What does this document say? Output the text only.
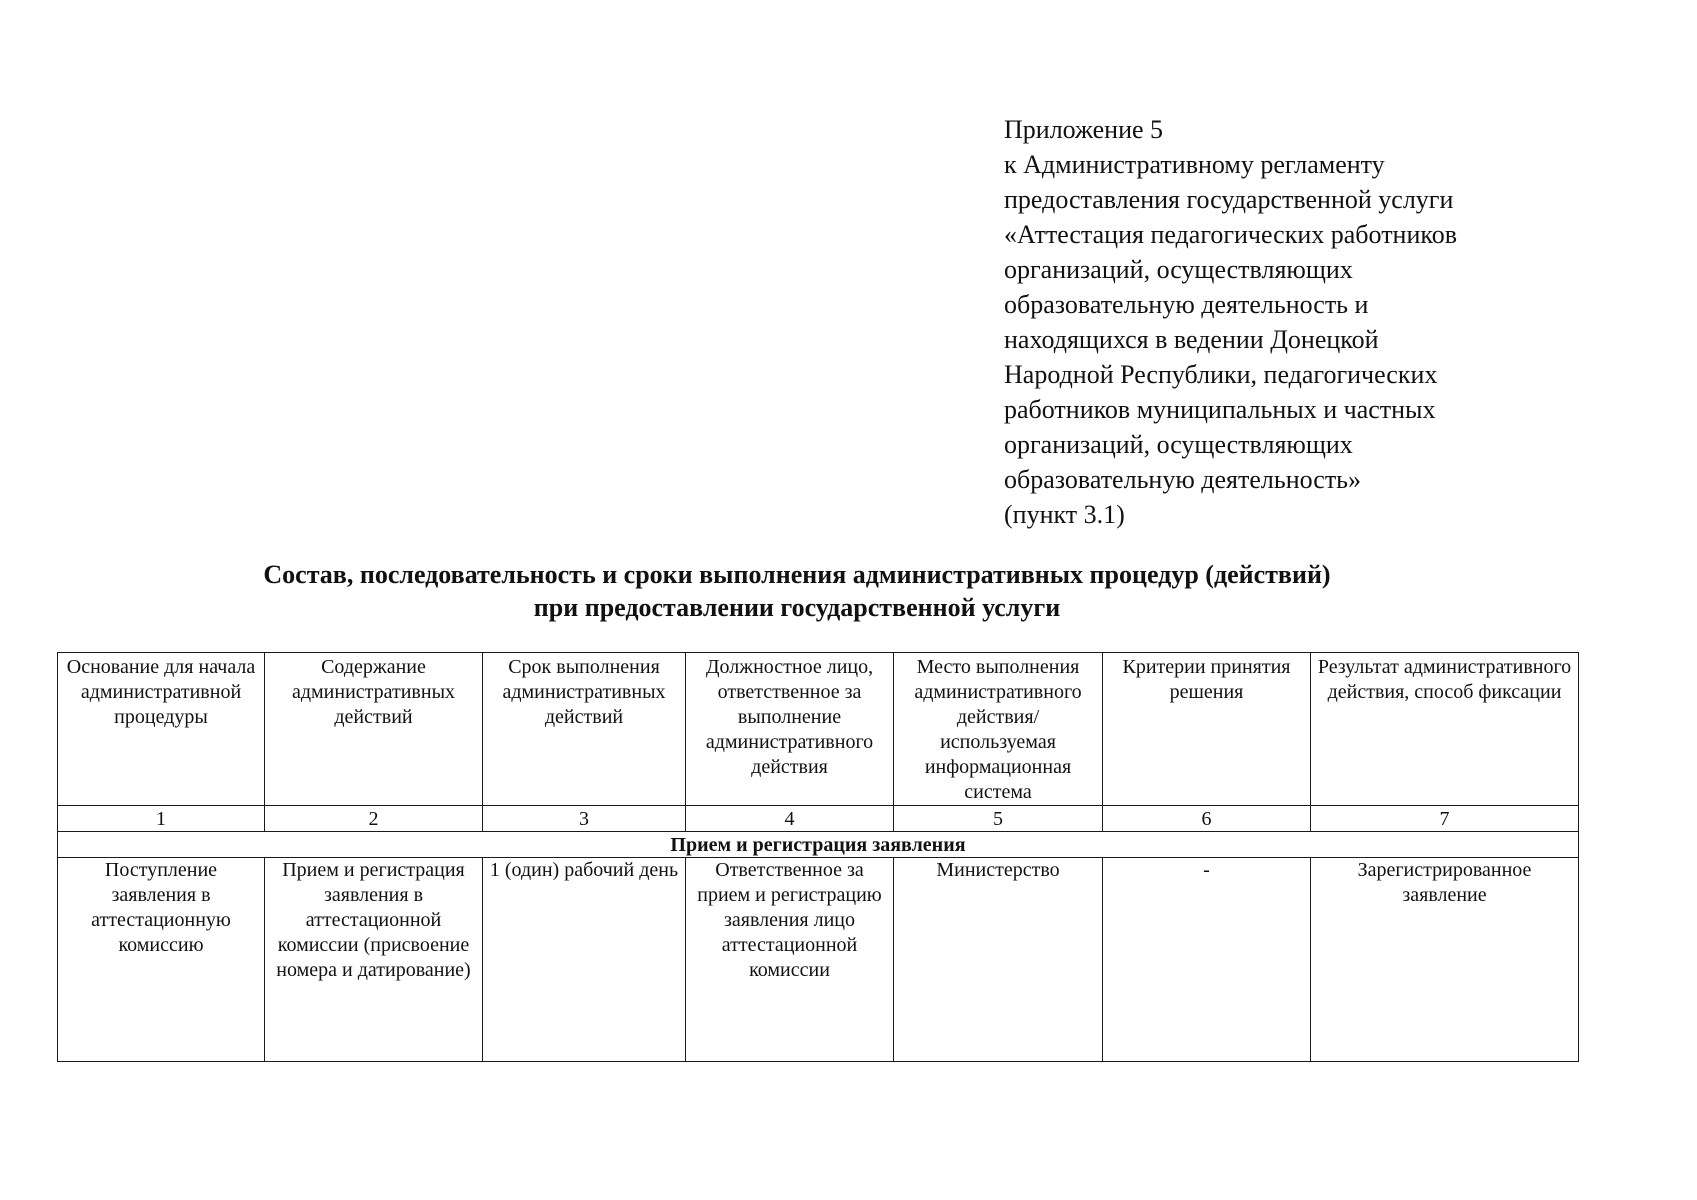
Приложение 5
к Административному регламенту
предоставления государственной услуги
«Аттестация педагогических работников
организаций, осуществляющих
образовательную деятельность и
находящихся в ведении Донецкой
Народной Республики, педагогических
работников муниципальных и частных
организаций, осуществляющих
образовательную деятельность»
(пункт 3.1)
Состав, последовательность и сроки выполнения административных процедур (действий)
при предоставлении государственной услуги
Основание для начала административной процедуры	Содержание административных действий	Срок выполнения административных действий	Должностное лицо, ответственное за выполнение административного действия	Место выполнения административного действия/ используемая информационная система	Критерии принятия решения	Результат административного действия, способ фиксации
1	2	3	4	5	6	7
Прием и регистрация заявления						
Поступление заявления в аттестационную комиссию	Прием и регистрация заявления в аттестационной комиссии (присвоение номера и датирование)	1 (один) рабочий день	Ответственное за прием и регистрацию заявления лицо аттестационной комиссии	Министерство	-	Зарегистрированное заявление
